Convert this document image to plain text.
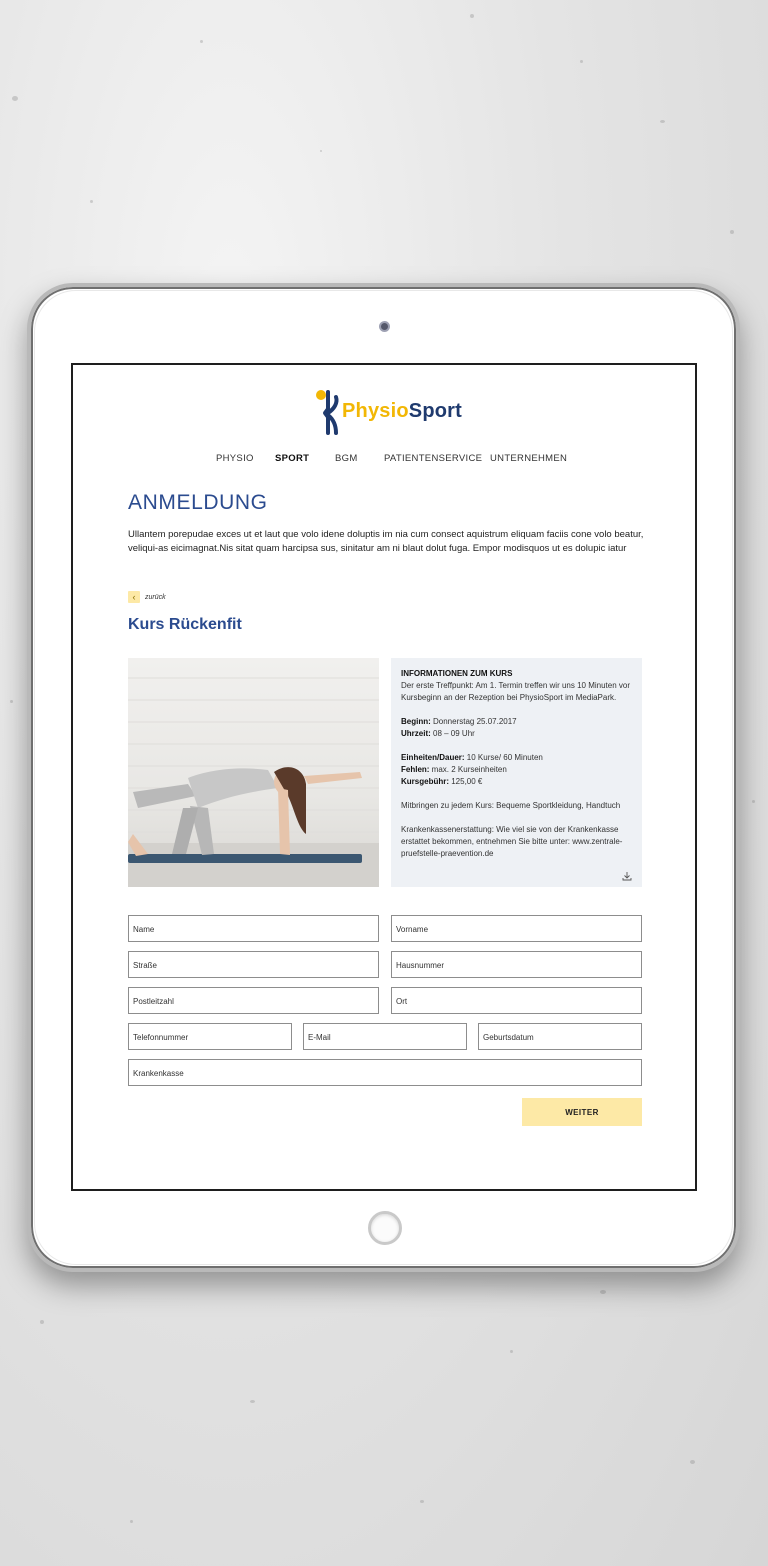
PhysioSport
PHYSIO SPORT	BGM	PATIENTENSERVICE UNTERNEHMEN
ANMELDUNG

Ullantem porepudae exces ut et laut que volo idene doluptis im nia cum consect aquistrum eliquam faciis cone volo beatur, veliqui-as eicimagnat.Nis sitat quam harcipsa sus, sinitatur am ni blaut dolut fuga. Empor modisquos ut es dolupic iatur

‹	zurück
Kurs Rückenfit
INFORMATIONEN ZUM KURS
Der erste Treffpunkt: Am 1. Termin treffen wir uns 10 Minuten vor Kursbeginn an der Rezeption bei PhysioSport im MediaPark.
Beginn: Donnerstag 25.07.2017
Uhrzeit: 08 – 09 Uhr
Einheiten/Dauer: 10 Kurse/ 60 Minuten
Fehlen: max. 2 Kurseinheiten
Kursgebühr: 125,00 €
Mitbringen zu jedem Kurs: Bequeme Sportkleidung, Handtuch
Krankenkassenerstattung: Wie viel sie von der Krankenkasse erstattet bekommen, entnehmen Sie bitte unter: www.zentrale-pruefstelle-praevention.de
Name	Vorname
Straße	Hausnummer
Postleitzahl	Ort
Telefonnummer	E-Mail	Geburtsdatum
Krankenkasse
WEITER
